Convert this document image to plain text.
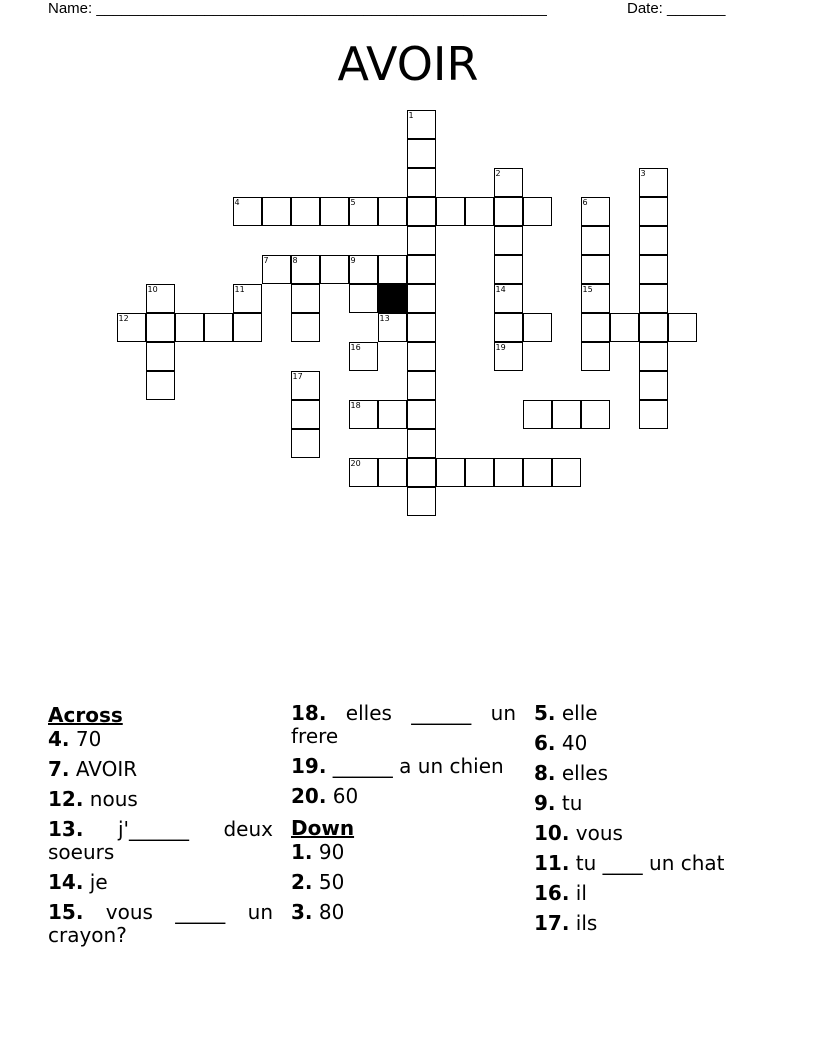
Name: ______________________________________________________	Date: _______
AVOIR
1
2
14
19
3
4	5	6
15
7	8	9
10	11
12	13
16
17
18
20
Across
4. 70
7. AVOIR
12. nous
13. j'______ deux soeurs
14. je
15. vous _____ un crayon?
18. elles ______ un frere
19. ______ a un chien
20. 60
Down
1. 90
2. 50
3. 80
5. elle
6. 40
8. elles
9. tu
10. vous
11. tu ____ un chat
16. il
17. ils
